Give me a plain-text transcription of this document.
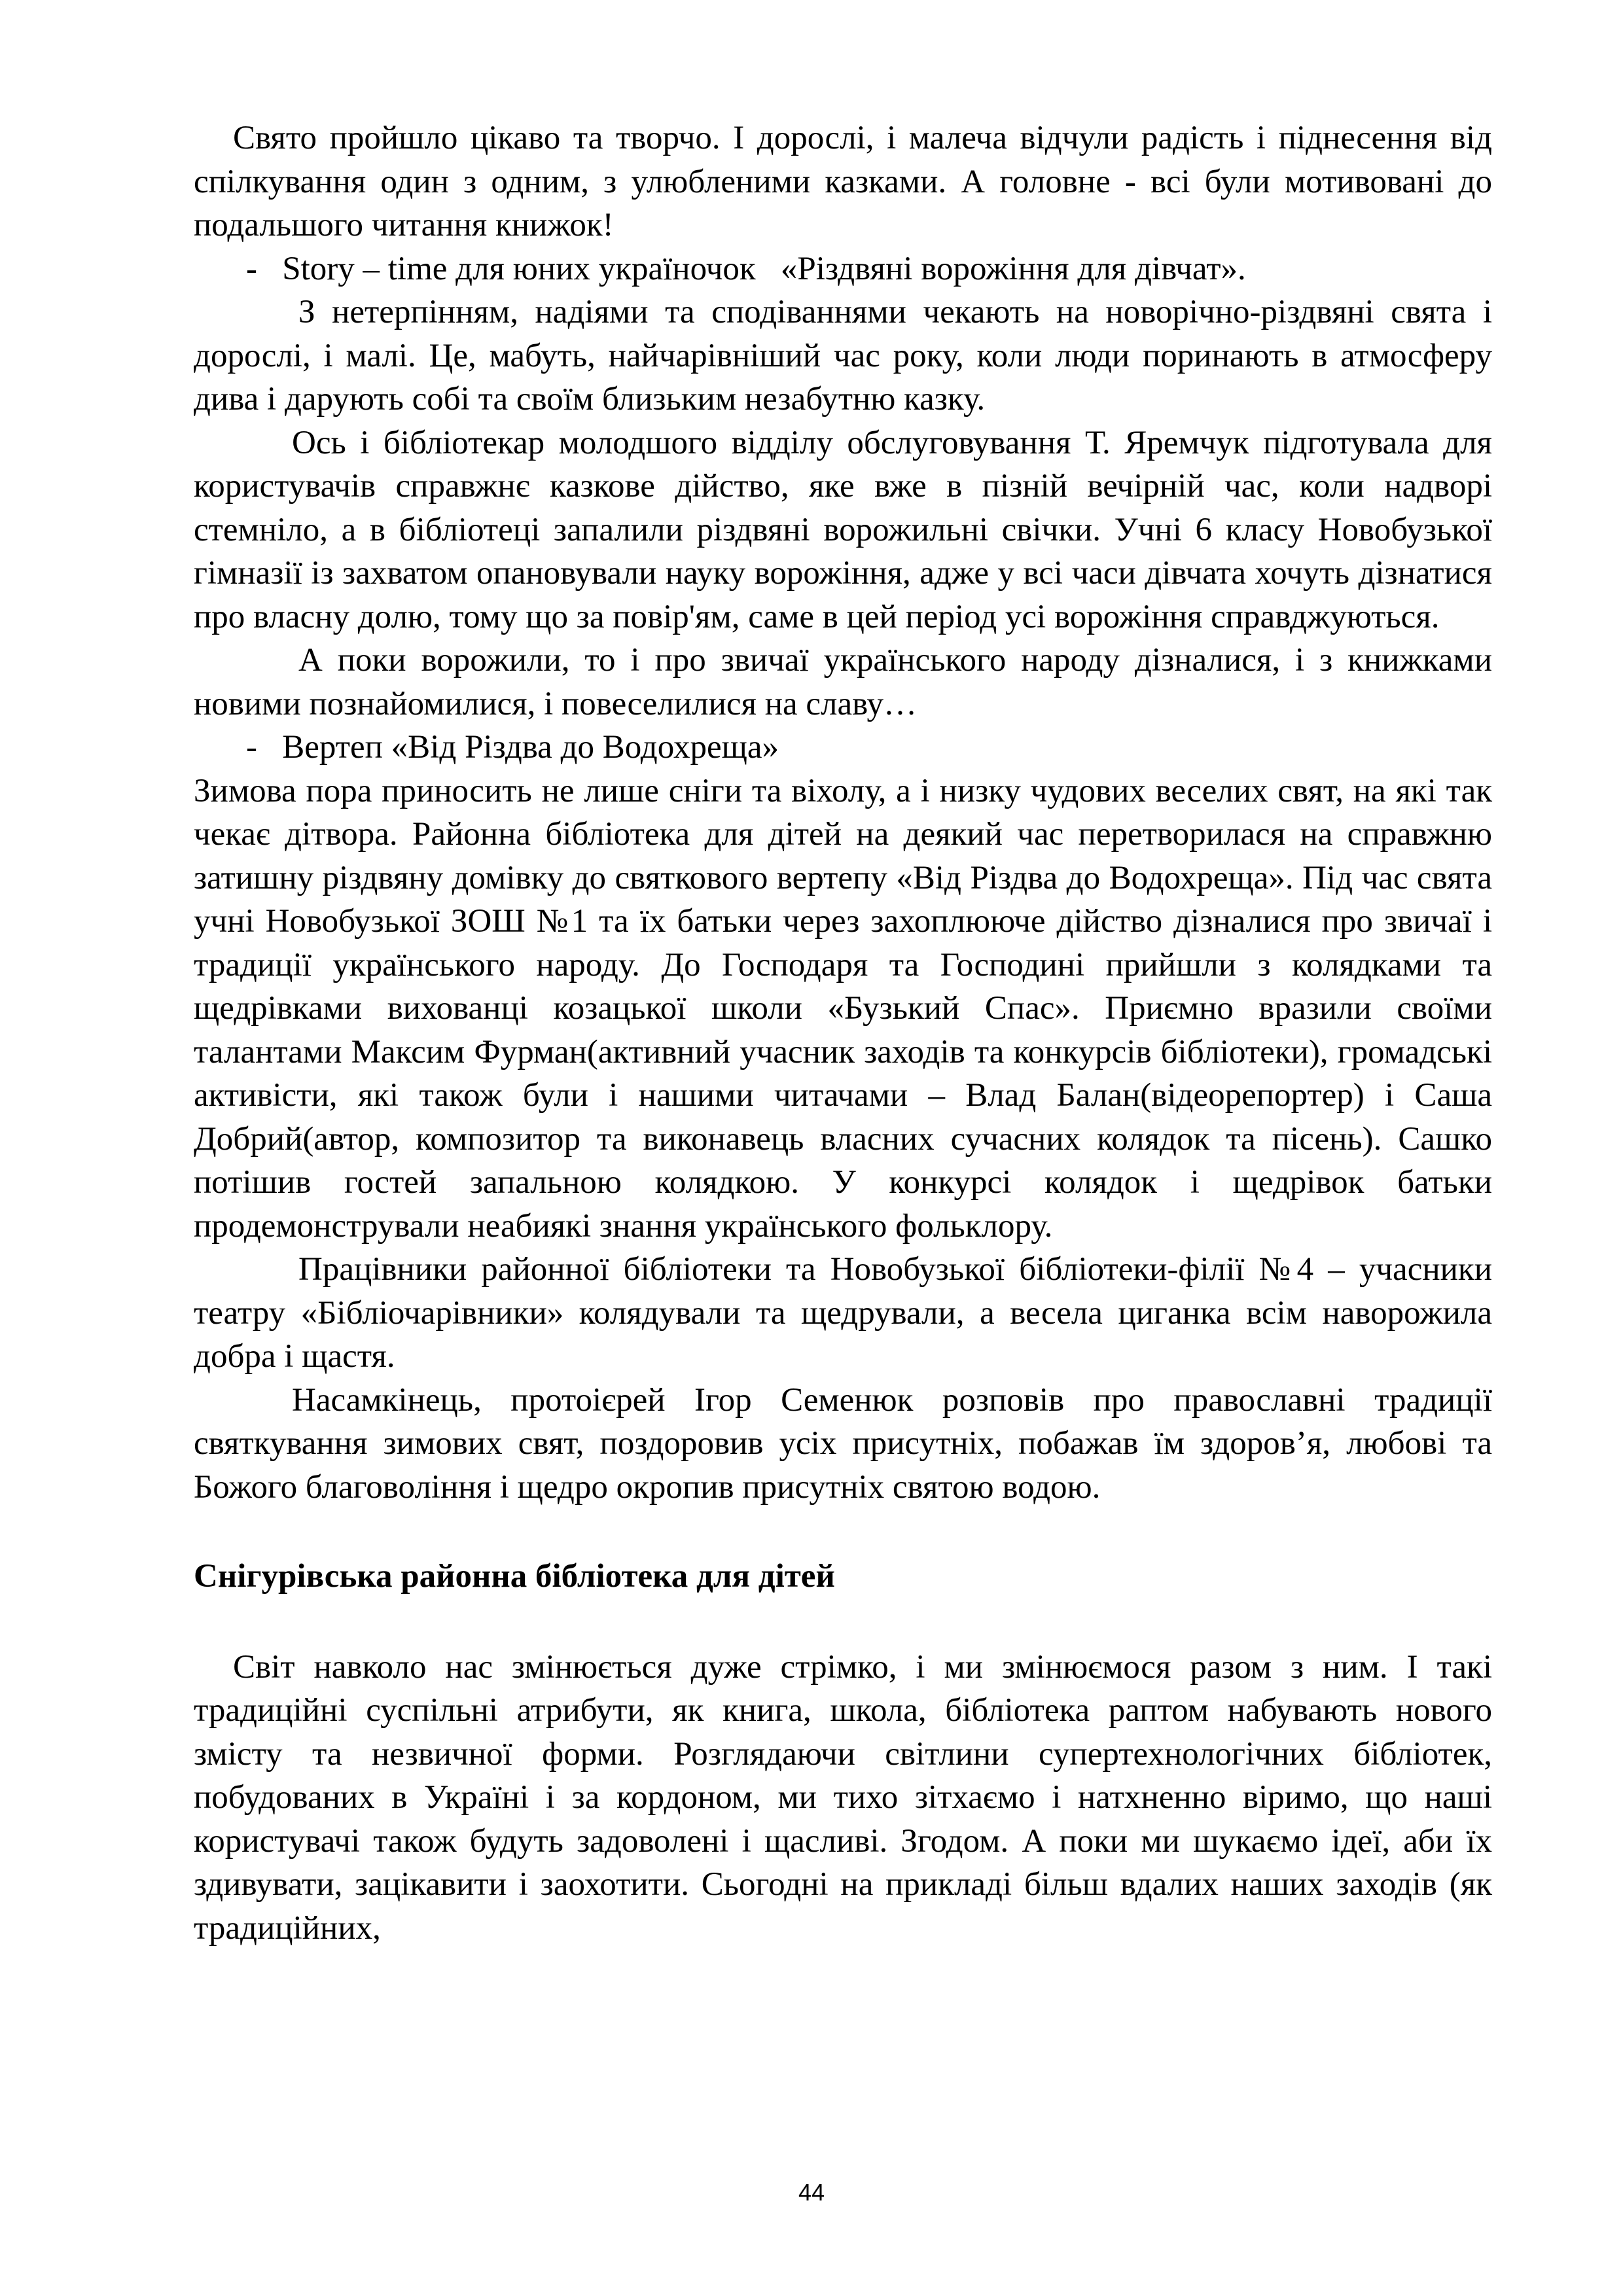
Свято пройшло цікаво та творчо. І дорослі, і малеча відчули радість і піднесення від спілкування один з одним, з улюбленими казками. А головне - всі були мотивовані до подальшого читання книжок!

-   Story – time для юних україночок   «Різдвяні ворожіння для дівчат».

З нетерпінням, надіями та сподіваннями чекають на новорічно-різдвяні свята і дорослі, і малі. Це, мабуть, найчарівніший час року, коли люди поринають в атмосферу дива і дарують собі та своїм близьким незабутню казку.

Ось і бібліотекар молодшого відділу обслуговування Т. Яремчук підготувала для користувачів справжнє казкове дійство, яке вже в пізній вечірній час, коли надворі стемніло, а в бібліотеці запалили різдвяні ворожильні свічки. Учні 6 класу Новобузької гімназії із захватом опановували науку ворожіння, адже у всі часи дівчата хочуть дізнатися про власну долю, тому що за повір'ям, саме в цей період усі ворожіння справджуються.

А поки ворожили, то і про звичаї українського народу дізналися, і з книжками новими познайомилися, і повеселилися на славу…

-   Вертеп «Від Різдва до Водохреща»

Зимова пора приносить не лише сніги та віхолу, а і низку чудових веселих свят, на які так чекає дітвора. Районна бібліотека для дітей на деякий час перетворилася на справжню затишну різдвяну домівку до святкового вертепу «Від Різдва до Водохреща». Під час свята учні Новобузької ЗОШ №1 та їх батьки через захоплююче дійство дізналися про звичаї і традиції українського народу. До Господаря та Господині прийшли з колядками та щедрівками вихованці козацької школи «Бузький Спас». Приємно вразили своїми талантами Максим Фурман(активний учасник заходів та конкурсів бібліотеки), громадські активісти, які також були і нашими читачами – Влад Балан(відеорепортер) і Саша Добрий(автор, композитор та виконавець власних сучасних колядок та пісень). Сашко потішив гостей запальною колядкою. У конкурсі колядок і щедрівок батьки продемонстрували неабиякі знання українського фольклору.

Працівники районної бібліотеки та Новобузької бібліотеки-філії №4 – учасники театру «Бібліочарівники» колядували та щедрували, а весела циганка всім наворожила добра і щастя.

Насамкінець, протоієрей Ігор Семенюк розповів про православні традиції святкування зимових свят, поздоровив усіх присутніх, побажав їм здоров’я, любові та Божого благовоління і щедро окропив присутніх святою водою.

Снігурівська районна бібліотека для дітей

Світ навколо нас змінюється дуже стрімко, і ми змінюємося разом з ним. І такі традиційні суспільні атрибути, як книга, школа, бібліотека раптом набувають нового змісту та незвичної форми. Розглядаючи світлини супертехнологічних бібліотек, побудованих в Україні і за кордоном, ми тихо зітхаємо і натхненно віримо, що наші користувачі також будуть задоволені і щасливі. Згодом. А поки ми шукаємо ідеї, аби їх здивувати, зацікавити і заохотити. Сьогодні на прикладі більш вдалих наших заходів (як традиційних,

44
